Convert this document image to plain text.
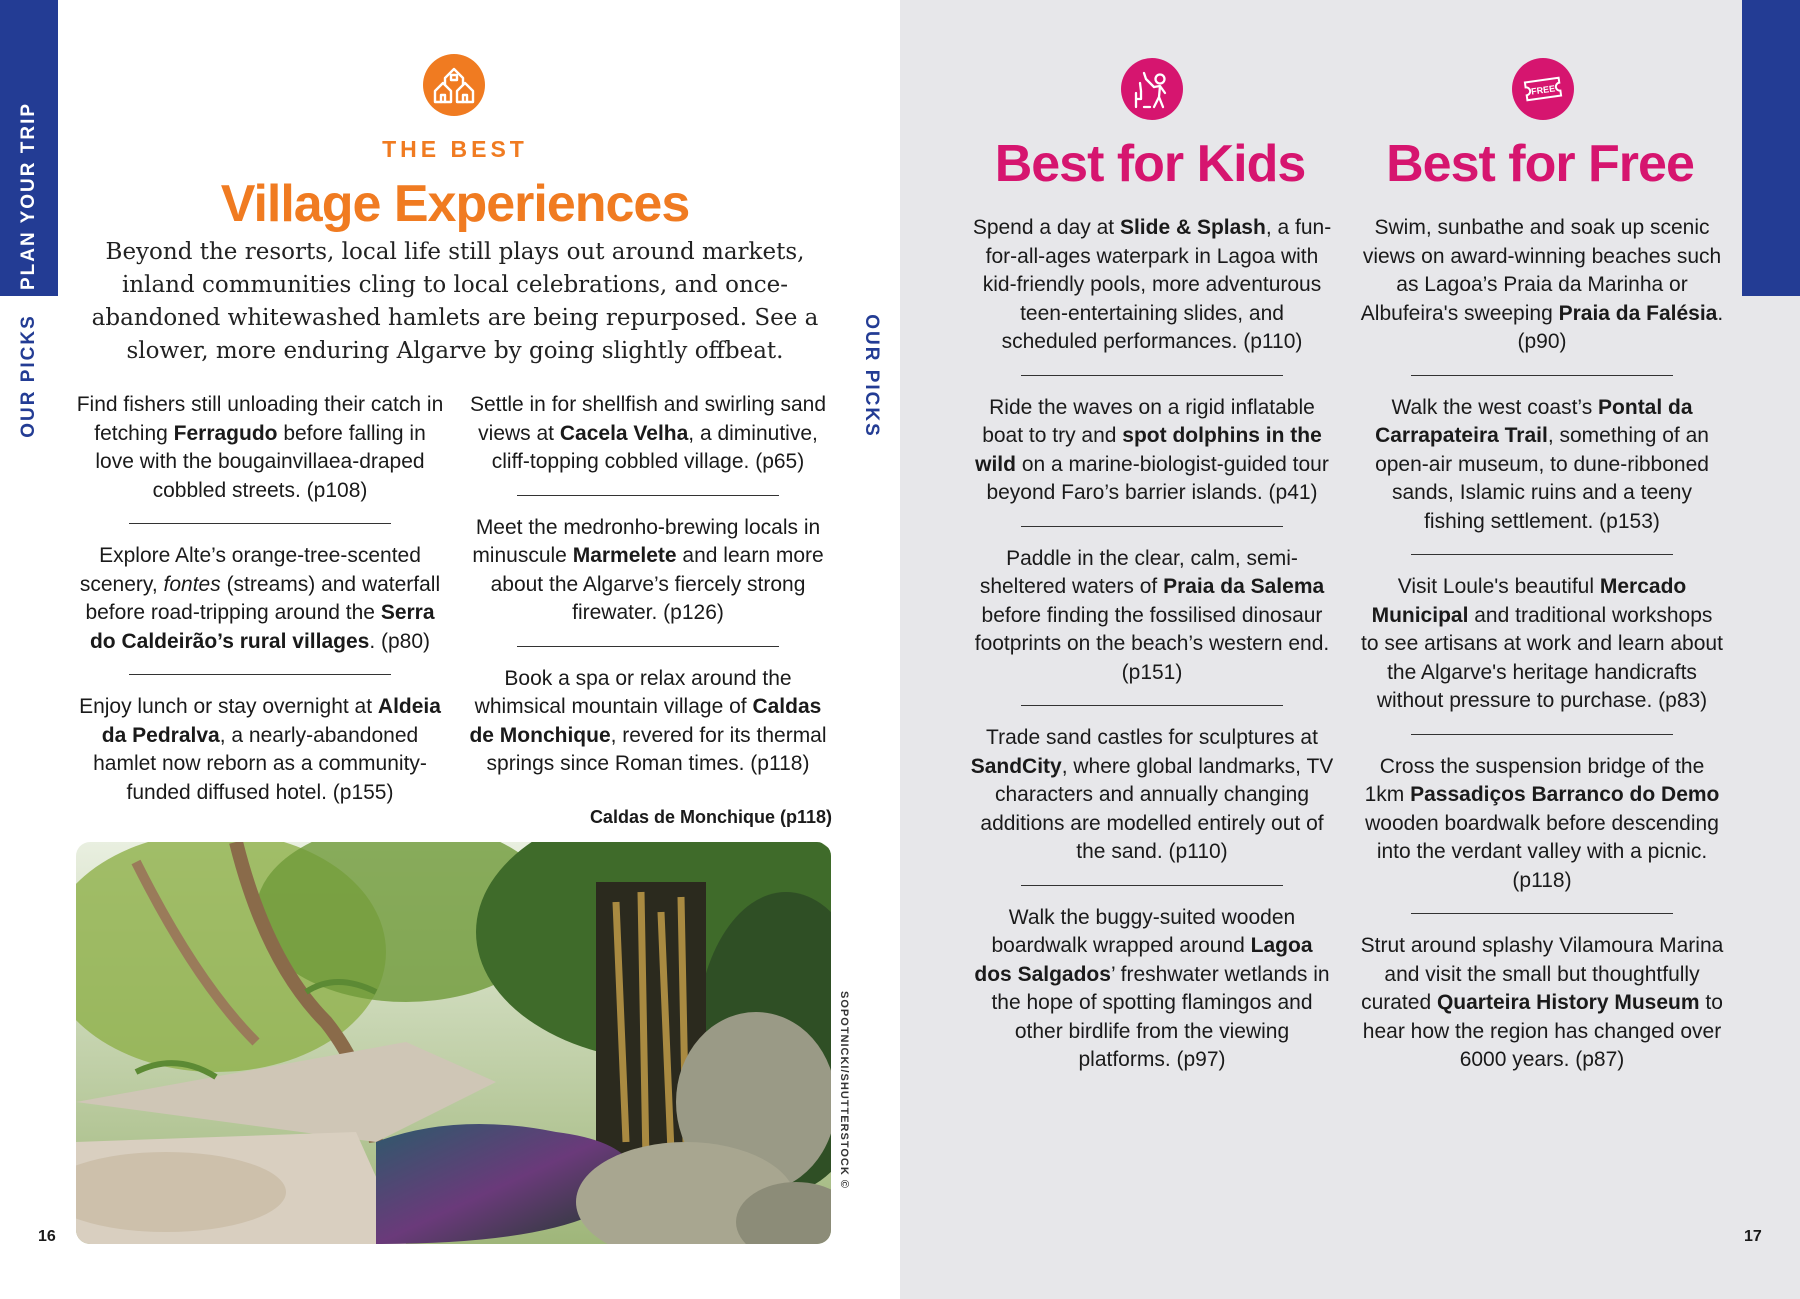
PLAN YOUR TRIP
OUR PICKS
PLAN YOUR TRIP
OUR PICKS
FREE
THE BEST
Village Experiences
Beyond the resorts, local life still plays out around markets, inland communities cling to local celebrations, and once-abandoned whitewashed hamlets are being repurposed. See a slower, more enduring Algarve by going slightly offbeat.

Find fishers still unloading their catch in fetching Ferragudo before falling in love with the bougainvillaea-draped cobbled streets. (p108)

Explore Alte’s orange-tree-scented scenery, fontes (streams) and waterfall before road-tripping around the Serra do Caldeirão’s rural villages. (p80)

Enjoy lunch or stay overnight at Aldeia da Pedralva, a nearly-abandoned hamlet now reborn as a community-funded diffused hotel. (p155)

Settle in for shellfish and swirling sand views at Cacela Velha, a diminutive, cliff-topping cobbled village. (p65)

Meet the medronho-brewing locals in minuscule Marmelete and learn more about the Algarve’s fiercely strong firewater. (p126)

Book a spa or relax around the whimsical mountain village of Caldas de Monchique, revered for its thermal springs since Roman times. (p118)

Best for Kids	Best for Free

Spend a day at Slide & Splash, a fun-for-all-ages waterpark in Lagoa with kid-friendly pools, more adventurous teen-entertaining slides, and scheduled performances. (p110)

Ride the waves on a rigid inflatable boat to try and spot dolphins in the wild on a marine-biologist-guided tour beyond Faro’s barrier islands. (p41)

Paddle in the clear, calm, semi-sheltered waters of Praia da Salema before finding the fossilised dinosaur footprints on the beach’s western end. (p151)

Trade sand castles for sculptures at SandCity, where global landmarks, TV characters and annually changing additions are modelled entirely out of the sand. (p110)

Walk the buggy-suited wooden boardwalk wrapped around Lagoa dos Salgados’ freshwater wetlands in the hope of spotting flamingos and other birdlife from the viewing platforms. (p97)

Swim, sunbathe and soak up scenic views on award-winning beaches such as Lagoa’s Praia da Marinha or Albufeira's sweeping Praia da Falésia. (p90)

Walk the west coast’s Pontal da Carrapateira Trail, something of an open-air museum, to dune-ribboned sands, Islamic ruins and a teeny fishing settlement. (p153)

Visit Loule's beautiful Mercado Municipal and traditional workshops to see artisans at work and learn about the Algarve's heritage handicrafts without pressure to purchase. (p83)

Cross the suspension bridge of the 1km Passadiços Barranco do Demo wooden boardwalk before descending into the verdant valley with a picnic. (p118)

Strut around splashy Vilamoura Marina and visit the small but thoughtfully curated Quarteira History Museum to hear how the region has changed over 6000 years. (p87)

Caldas de Monchique (p118)
SOPOTNICKI/SHUTTERSTOCK ©
16	17
